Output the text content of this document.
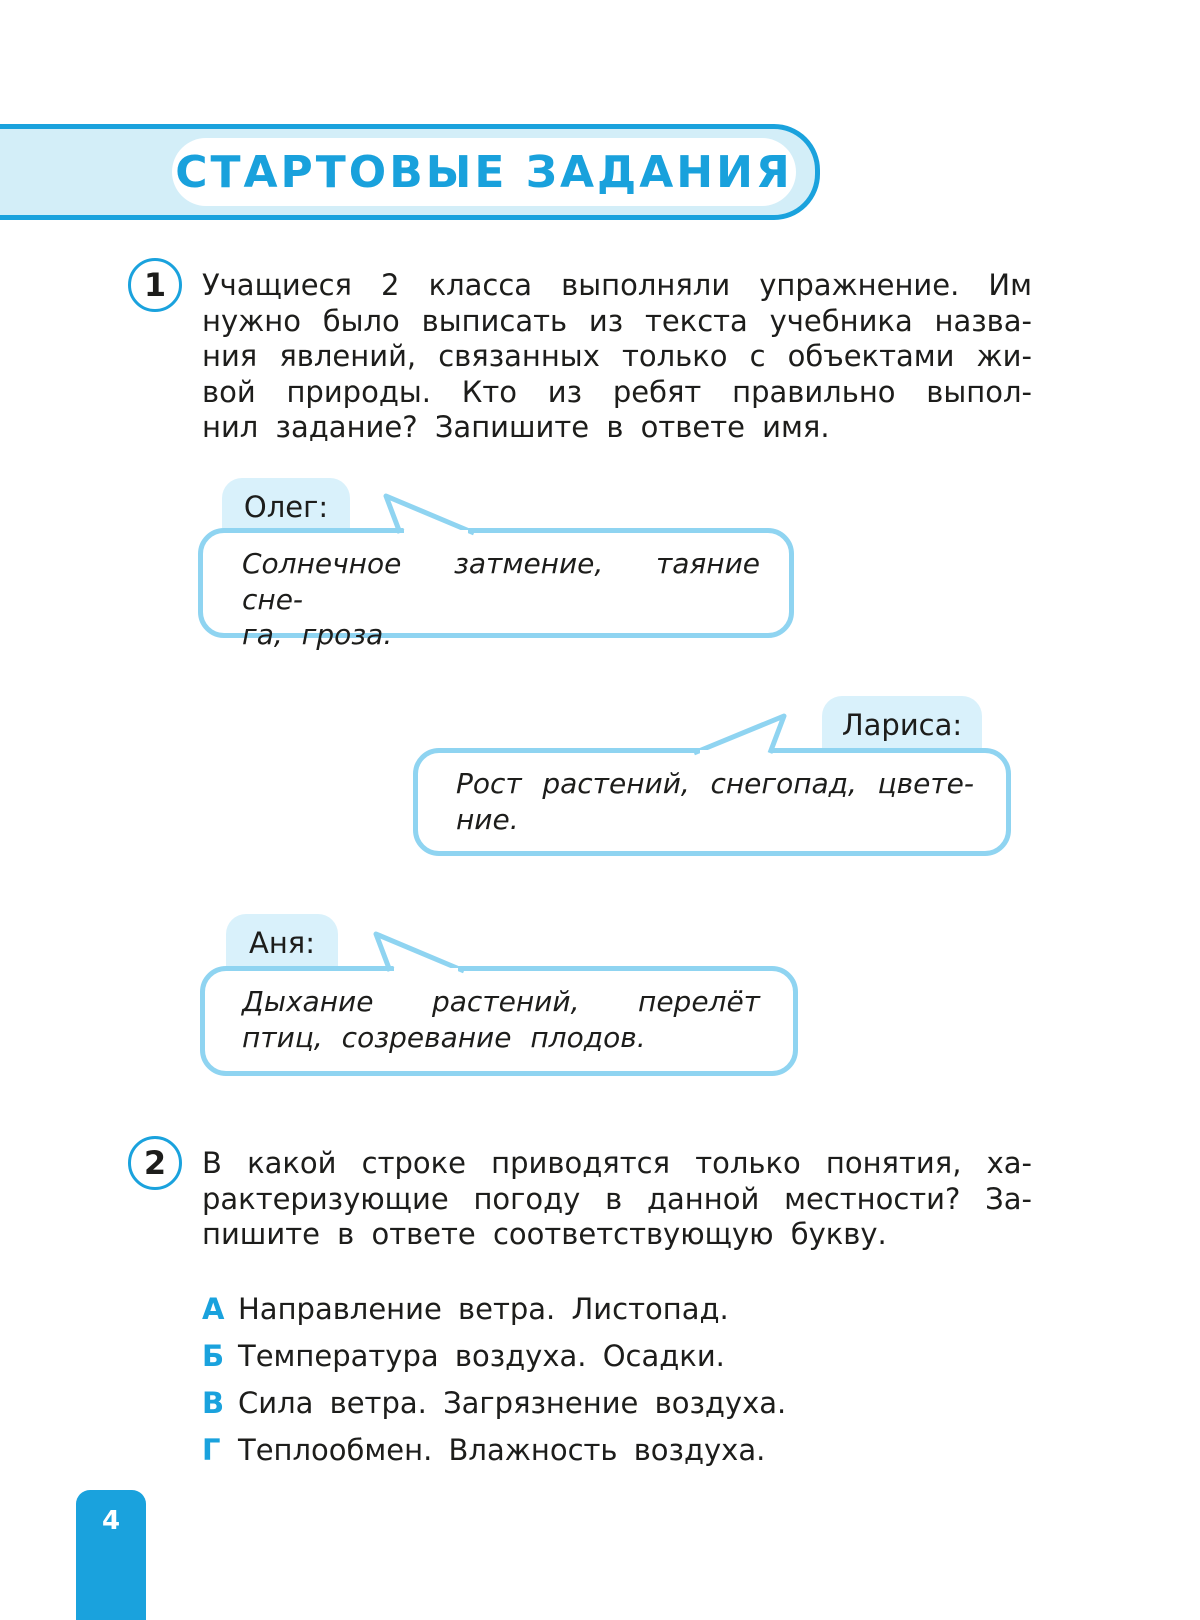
СТАРТОВЫЕ ЗАДАНИЯ
1	Учащиеся 2 класса выполняли упражнение. Им
нужно было выписать из текста учебника назва-
ния явлений, связанных только с объектами жи-
вой природы. Кто из ребят правильно выпол-
нил задание? Запишите в ответе имя.
Олег:
Солнечное затмение, таяние сне-
га, гроза.
Лариса:
Рост растений, снегопад, цвете-
ние.
Аня:
Дыхание растений, перелёт
птиц, созревание плодов.
2	В какой строке приводятся только понятия, ха-
рактеризующие погоду в данной местности? За-
пишите в ответе соответствующую букву.
А Направление ветра. Листопад.
Б Температура воздуха. Осадки.
В Сила ветра. Загрязнение воздуха.
Г Теплообмен. Влажность воздуха.
4
